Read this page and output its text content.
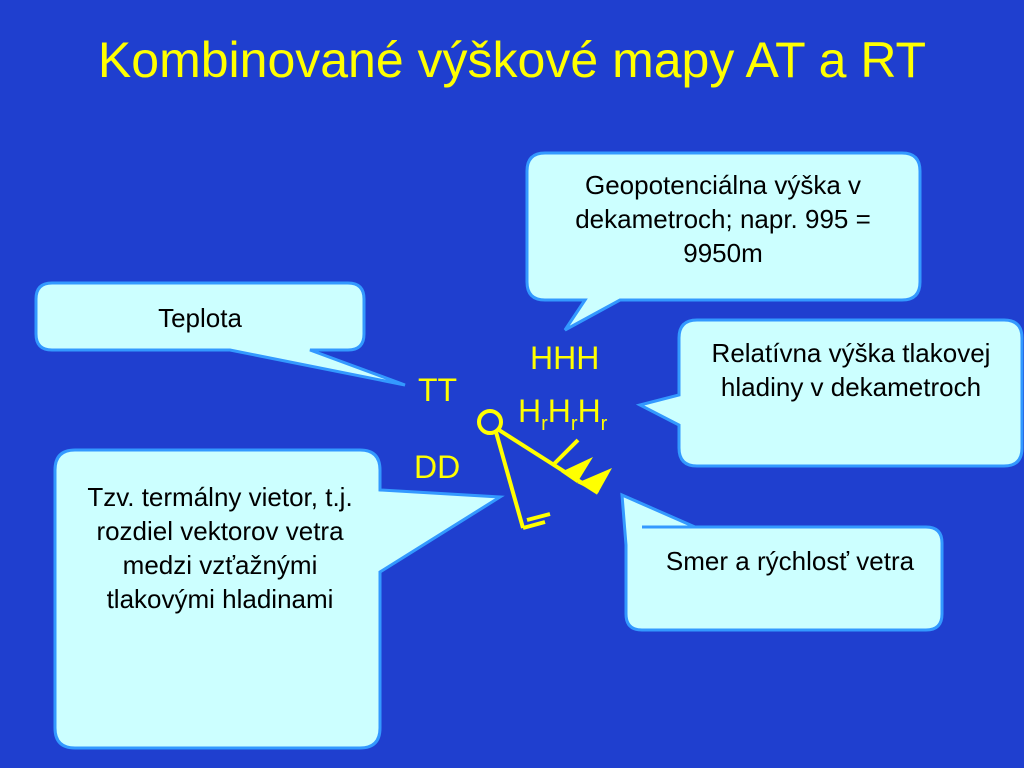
Kombinované výškové mapy AT a RT
Geopotenciálna výška v dekametroch; napr. 995 = 9950m
Teplota
Relatívna výška tlakovej hladiny v dekametroch
Tzv. termálny vietor, t.j. rozdiel vektorov vetra medzi vzťažnými tlakovými hladinami
Smer a rýchlosť vetra
HHH
TT
$H_rH_rH_r$
DD
